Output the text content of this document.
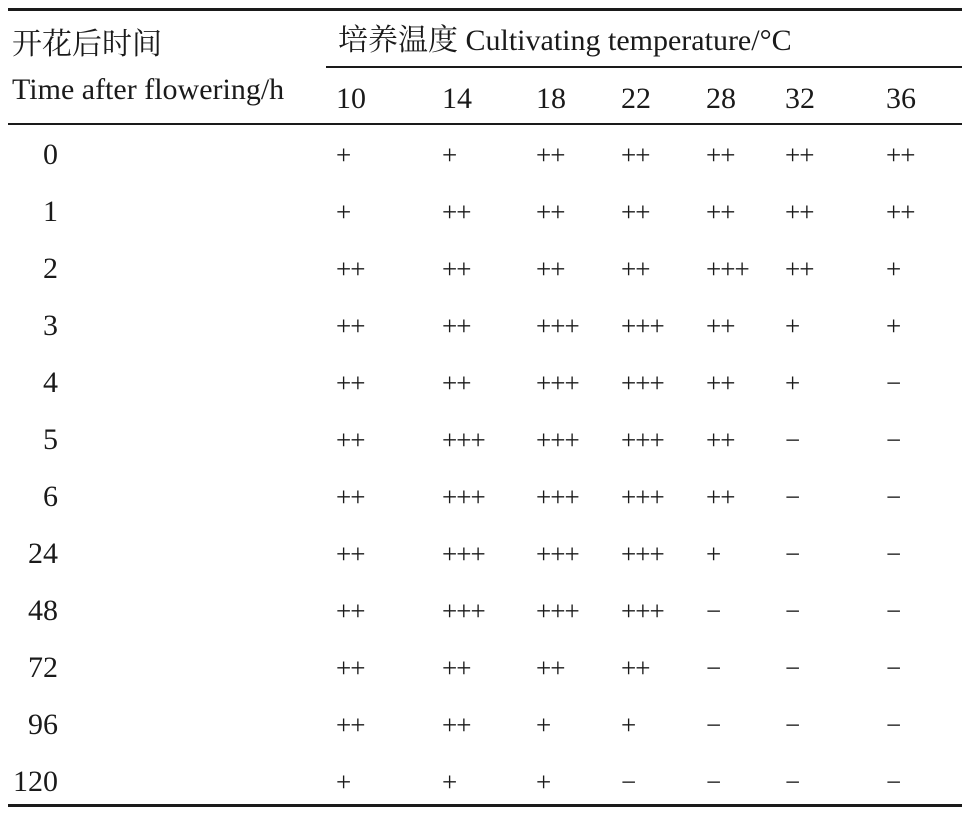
开花后时间
Time after flowering/h
培养温度 Cultivating temperature/°C
10	14 18 22 28 32 36
0	+	+	++ ++ ++ ++	++
1	+	++ ++ ++ ++ ++	++
2	++	++ ++ ++ +++ ++	+
3	++	++ +++ +++ ++ +	+
4	++	++ +++ +++ ++ +	−
5	++	+++ +++ +++ ++ −	−
6	++	+++ +++ +++ ++ −	−
24	++	+++ +++ +++ + −	−
48	++	+++ +++ +++ − −	−
72	++	++ ++ ++ − −	−
96	++	++ +	+	− −	−
120	+	+	+	−	− −	−
